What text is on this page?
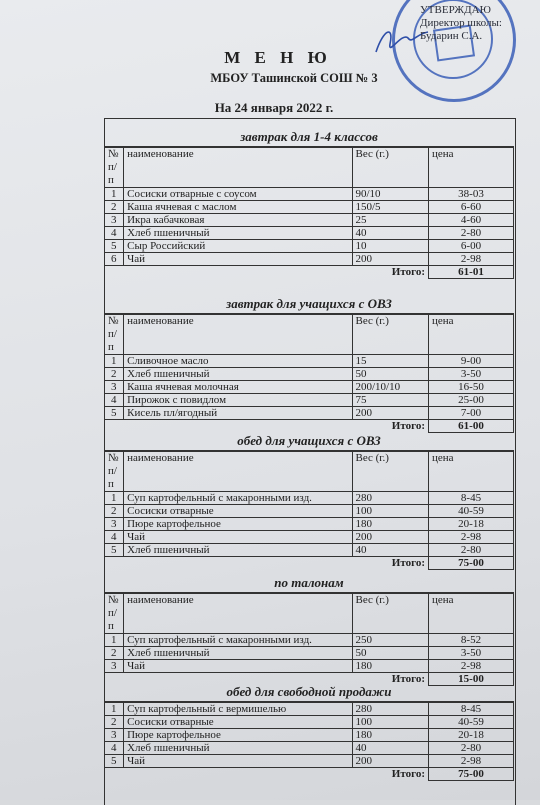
УТВЕРЖДАЮ
Директор школы:
Бударин С.А.
М Е Н Ю
МБОУ Ташинской СОШ № 3
На 24 января 2022 г.
завтрак для 1-4 классов
№ п/п	наименование	Вес (г.)	цена
1	Сосиски отварные с соусом	90/10	38-03
2	Каша ячневая с маслом	150/5	6-60
3	Икра кабачковая	25	4-60
4	Хлеб пшеничный	40	2-80
5	Сыр Российский	10	6-00
6	Чай	200	2-98
		Итого:	61-01
завтрак для учащихся с ОВЗ
№ п/п	наименование	Вес (г.)	цена
1	Сливочное масло	15	9-00
2	Хлеб пшеничный	50	3-50
3	Каша ячневая молочная	200/10/10	16-50
4	Пирожок с повидлом	75	25-00
5	Кисель пл/ягодный	200	7-00
		Итого:	61-00
обед для учащихся с ОВЗ
№ п/п	наименование	Вес (г.)	цена
1	Суп картофельный с макаронными изд.	280	8-45
2	Сосиски отварные	100	40-59
3	Пюре картофельное	180	20-18
4	Чай	200	2-98
5	Хлеб пшеничный	40	2-80
		Итого:	75-00
по талонам
№ п/п	наименование	Вес (г.)	цена
1	Суп картофельный с макаронными изд.	250	8-52
2	Хлеб пшеничный	50	3-50
3	Чай	180	2-98
		Итого:	15-00
обед для свободной продажи
1	Суп картофельный с вермишелью	280	8-45
2	Сосиски отварные	100	40-59
3	Пюре картофельное	180	20-18
4	Хлеб пшеничный	40	2-80
5	Чай	200	2-98
		Итого:	75-00
